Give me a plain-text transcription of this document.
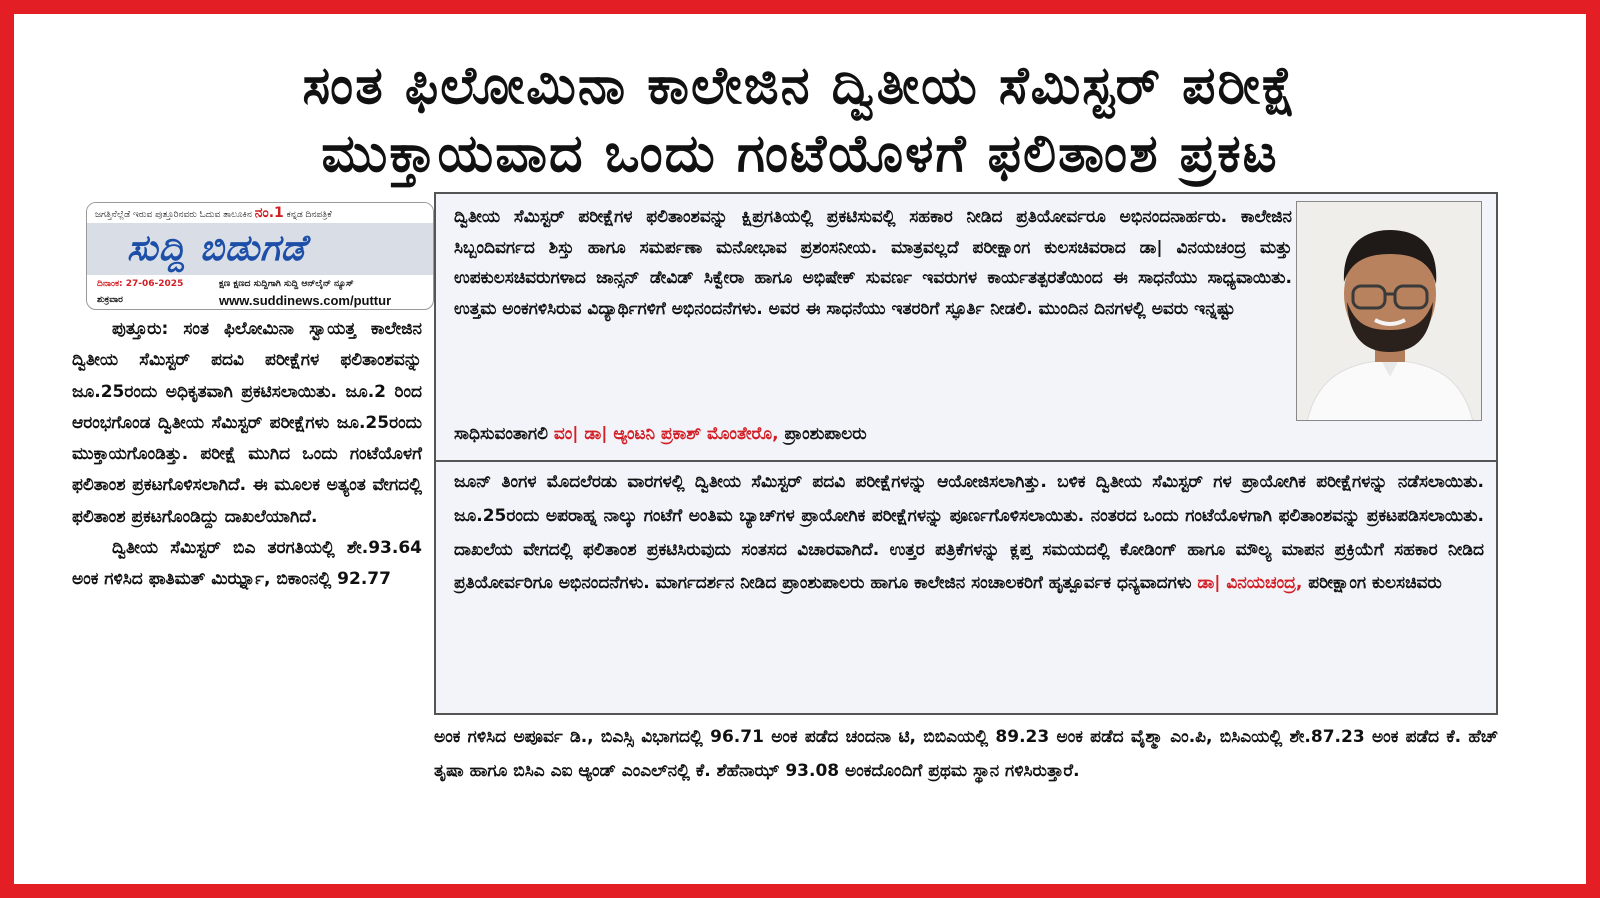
ಸಂತ ಫಿಲೋಮಿನಾ ಕಾಲೇಜಿನ ದ್ವಿತೀಯ ಸೆಮಿಸ್ಟರ್ ಪರೀಕ್ಷೆ
ಮುಕ್ತಾಯವಾದ ಒಂದು ಗಂಟೆಯೊಳಗೆ ಫಲಿತಾಂಶ ಪ್ರಕಟ
ಜಗತ್ತಿನೆಲ್ಲೆಡೆ ಇರುವ ಪುತ್ತೂರಿನವರು ಓದುವ ತಾಲೂಕಿನ ನಂ.1 ಕನ್ನಡ ದಿನಪತ್ರಿಕೆ
ಸುದ್ದಿ ಬಿಡುಗಡೆ
ದಿನಾಂಕ: 27-06-2025
ಶುಕ್ರವಾರ
ಕ್ಷಣ ಕ್ಷಣದ ಸುದ್ದಿಗಾಗಿ ಸುದ್ದಿ ಆನ್‌ಲೈನ್ ನ್ಯೂಸ್
www.suddinews.com/puttur

ಪುತ್ತೂರು: ಸಂತ ಫಿಲೋಮಿನಾ ಸ್ವಾಯತ್ತ ಕಾಲೇಜಿನ ದ್ವಿತೀಯ ಸೆಮಿಸ್ಟರ್ ಪದವಿ ಪರೀಕ್ಷೆಗಳ ಫಲಿತಾಂಶವನ್ನು ಜೂ.25ರಂದು ಅಧಿಕೃತವಾಗಿ ಪ್ರಕಟಿಸಲಾಯಿತು. ಜೂ.2 ರಿಂದ ಆರಂಭಗೊಂಡ ದ್ವಿತೀಯ ಸೆಮಿಸ್ಟರ್ ಪರೀಕ್ಷೆಗಳು ಜೂ.25ರಂದು ಮುಕ್ತಾಯಗೊಂಡಿತ್ತು. ಪರೀಕ್ಷೆ ಮುಗಿದ ಒಂದು ಗಂಟೆಯೊಳಗೆ ಫಲಿತಾಂಶ ಪ್ರಕಟಗೊಳಿಸಲಾಗಿದೆ. ಈ ಮೂಲಕ ಅತ್ಯಂತ ವೇಗದಲ್ಲಿ ಫಲಿತಾಂಶ ಪ್ರಕಟಗೊಂಡಿದ್ದು ದಾಖಲೆಯಾಗಿದೆ.

ದ್ವಿತೀಯ ಸೆಮಿಸ್ಟರ್ ಬಿಎ ತರಗತಿಯಲ್ಲಿ ಶೇ.93.64 ಅಂಕ ಗಳಿಸಿದ ಫಾತಿಮತ್ ಮಿರ್ಝ್ನಾ, ಬಿಕಾಂನಲ್ಲಿ 92.77

ದ್ವಿತೀಯ ಸೆಮಿಸ್ಟರ್ ಪರೀಕ್ಷೆಗಳ ಫಲಿತಾಂಶವನ್ನು ಕ್ಷಿಪ್ರಗತಿಯಲ್ಲಿ ಪ್ರಕಟಿಸುವಲ್ಲಿ ಸಹಕಾರ ನೀಡಿದ ಪ್ರತಿಯೋರ್ವರೂ ಅಭಿನಂದನಾರ್ಹರು. ಕಾಲೇಜಿನ ಸಿಬ್ಬಂದಿವರ್ಗದ ಶಿಸ್ತು ಹಾಗೂ ಸಮರ್ಪಣಾ ಮನೋಭಾವ ಪ್ರಶಂಸನೀಯ. ಮಾತ್ರವಲ್ಲದೆ ಪರೀಕ್ಷಾಂಗ ಕುಲಸಚಿವರಾದ ಡಾ| ವಿನಯಚಂದ್ರ ಮತ್ತು ಉಪಕುಲಸಚಿವರುಗಳಾದ ಜಾನ್ಸನ್ ಡೇವಿಡ್ ಸಿಕ್ವೇರಾ ಹಾಗೂ ಅಭಿಷೇಕ್ ಸುವರ್ಣ ಇವರುಗಳ ಕಾರ್ಯತತ್ಪರತೆಯಿಂದ ಈ ಸಾಧನೆಯು ಸಾಧ್ಯವಾಯಿತು. ಉತ್ತಮ ಅಂಕಗಳಿಸಿರುವ ವಿದ್ಯಾರ್ಥಿಗಳಿಗೆ ಅಭಿನಂದನೆಗಳು. ಅವರ ಈ ಸಾಧನೆಯು ಇತರರಿಗೆ ಸ್ಫೂರ್ತಿ ನೀಡಲಿ. ಮುಂದಿನ ದಿನಗಳಲ್ಲಿ ಅವರು ಇನ್ನಷ್ಟು
ಸಾಧಿಸುವಂತಾಗಲಿ ವಂ| ಡಾ| ಆ್ಯಂಟನಿ ಪ್ರಕಾಶ್ ಮೊಂತೇರೊ, ಪ್ರಾಂಶುಪಾಲರು
ಜೂನ್ ತಿಂಗಳ ಮೊದಲೆರಡು ವಾರಗಳಲ್ಲಿ ದ್ವಿತೀಯ ಸೆಮಿಸ್ಟರ್ ಪದವಿ ಪರೀಕ್ಷೆಗಳನ್ನು ಆಯೋಜಿಸಲಾಗಿತ್ತು. ಬಳಿಕ ದ್ವಿತೀಯ ಸೆಮಿಸ್ಟರ್ ಗಳ ಪ್ರಾಯೋಗಿಕ ಪರೀಕ್ಷೆಗಳನ್ನು ನಡೆಸಲಾಯಿತು. ಜೂ.25ರಂದು ಅಪರಾಹ್ನ ನಾಲ್ಕು ಗಂಟೆಗೆ ಅಂತಿಮ ಬ್ಯಾಚ್‌ಗಳ ಪ್ರಾಯೋಗಿಕ ಪರೀಕ್ಷೆಗಳನ್ನು ಪೂರ್ಣಗೊಳಿಸಲಾಯಿತು. ನಂತರದ ಒಂದು ಗಂಟೆಯೊಳಗಾಗಿ ಫಲಿತಾಂಶವನ್ನು ಪ್ರಕಟಪಡಿಸಲಾಯಿತು. ದಾಖಲೆಯ ವೇಗದಲ್ಲಿ ಫಲಿತಾಂಶ ಪ್ರಕಟಿಸಿರುವುದು ಸಂತಸದ ವಿಚಾರವಾಗಿದೆ. ಉತ್ತರ ಪತ್ರಿಕೆಗಳನ್ನು ಕ್ಲಪ್ತ ಸಮಯದಲ್ಲಿ ಕೋಡಿಂಗ್ ಹಾಗೂ ಮೌಲ್ಯ ಮಾಪನ ಪ್ರಕ್ರಿಯೆಗೆ ಸಹಕಾರ ನೀಡಿದ ಪ್ರತಿಯೋರ್ವರಿಗೂ ಅಭಿನಂದನೆಗಳು. ಮಾರ್ಗದರ್ಶನ ನೀಡಿದ ಪ್ರಾಂಶುಪಾಲರು ಹಾಗೂ ಕಾಲೇಜಿನ ಸಂಚಾಲಕರಿಗೆ ಹೃತ್ಪೂರ್ವಕ ಧನ್ಯವಾದಗಳು ಡಾ| ವಿನಯಚಂದ್ರ, ಪರೀಕ್ಷಾಂಗ ಕುಲಸಚಿವರು
ಅಂಕ ಗಳಿಸಿದ ಅಪೂರ್ವ ಡಿ., ಬಿಎಸ್ಸಿ ವಿಭಾಗದಲ್ಲಿ 96.71 ಅಂಕ ಪಡೆದ ಚಂದನಾ ಟಿ, ಬಿಬಿಎಯಲ್ಲಿ 89.23 ಅಂಕ ಪಡೆದ ವೈಶ್ಮಾ ಎಂ.ಪಿ, ಬಿಸಿಎಯಲ್ಲಿ ಶೇ.87.23 ಅಂಕ ಪಡೆದ ಕೆ. ಹೆಚ್ ತೃಷಾ ಹಾಗೂ ಬಿಸಿಎ ಎಐ ಆ್ಯಂಡ್ ಎಂಎಲ್‌ನಲ್ಲಿ ಕೆ. ಶೆಹೆನಾಝ್ 93.08 ಅಂಕದೊಂದಿಗೆ ಪ್ರಥಮ ಸ್ಥಾನ ಗಳಿಸಿರುತ್ತಾರೆ.
